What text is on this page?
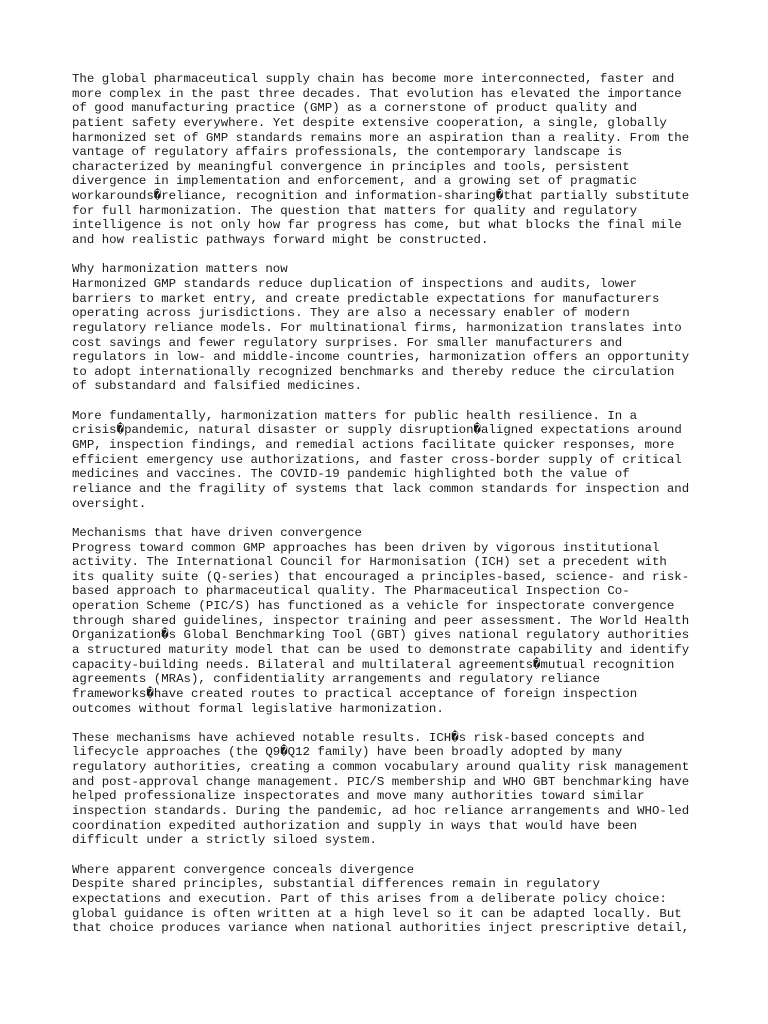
The global pharmaceutical supply chain has become more interconnected, faster and
more complex in the past three decades. That evolution has elevated the importance
of good manufacturing practice (GMP) as a cornerstone of product quality and
patient safety everywhere. Yet despite extensive cooperation, a single, globally
harmonized set of GMP standards remains more an aspiration than a reality. From the
vantage of regulatory affairs professionals, the contemporary landscape is
characterized by meaningful convergence in principles and tools, persistent
divergence in implementation and enforcement, and a growing set of pragmatic
workarounds�reliance, recognition and information-sharing�that partially substitute
for full harmonization. The question that matters for quality and regulatory
intelligence is not only how far progress has come, but what blocks the final mile
and how realistic pathways forward might be constructed.
Why harmonization matters now
Harmonized GMP standards reduce duplication of inspections and audits, lower
barriers to market entry, and create predictable expectations for manufacturers
operating across jurisdictions. They are also a necessary enabler of modern
regulatory reliance models. For multinational firms, harmonization translates into
cost savings and fewer regulatory surprises. For smaller manufacturers and
regulators in low- and middle-income countries, harmonization offers an opportunity
to adopt internationally recognized benchmarks and thereby reduce the circulation
of substandard and falsified medicines.
More fundamentally, harmonization matters for public health resilience. In a
crisis�pandemic, natural disaster or supply disruption�aligned expectations around
GMP, inspection findings, and remedial actions facilitate quicker responses, more
efficient emergency use authorizations, and faster cross-border supply of critical
medicines and vaccines. The COVID-19 pandemic highlighted both the value of
reliance and the fragility of systems that lack common standards for inspection and
oversight.
Mechanisms that have driven convergence
Progress toward common GMP approaches has been driven by vigorous institutional
activity. The International Council for Harmonisation (ICH) set a precedent with
its quality suite (Q-series) that encouraged a principles-based, science- and risk-
based approach to pharmaceutical quality. The Pharmaceutical Inspection Co-
operation Scheme (PIC/S) has functioned as a vehicle for inspectorate convergence
through shared guidelines, inspector training and peer assessment. The World Health
Organization�s Global Benchmarking Tool (GBT) gives national regulatory authorities
a structured maturity model that can be used to demonstrate capability and identify
capacity-building needs. Bilateral and multilateral agreements�mutual recognition
agreements (MRAs), confidentiality arrangements and regulatory reliance
frameworks�have created routes to practical acceptance of foreign inspection
outcomes without formal legislative harmonization.
These mechanisms have achieved notable results. ICH�s risk-based concepts and
lifecycle approaches (the Q9�Q12 family) have been broadly adopted by many
regulatory authorities, creating a common vocabulary around quality risk management
and post-approval change management. PIC/S membership and WHO GBT benchmarking have
helped professionalize inspectorates and move many authorities toward similar
inspection standards. During the pandemic, ad hoc reliance arrangements and WHO-led
coordination expedited authorization and supply in ways that would have been
difficult under a strictly siloed system.
Where apparent convergence conceals divergence
Despite shared principles, substantial differences remain in regulatory
expectations and execution. Part of this arises from a deliberate policy choice:
global guidance is often written at a high level so it can be adapted locally. But
that choice produces variance when national authorities inject prescriptive detail,
